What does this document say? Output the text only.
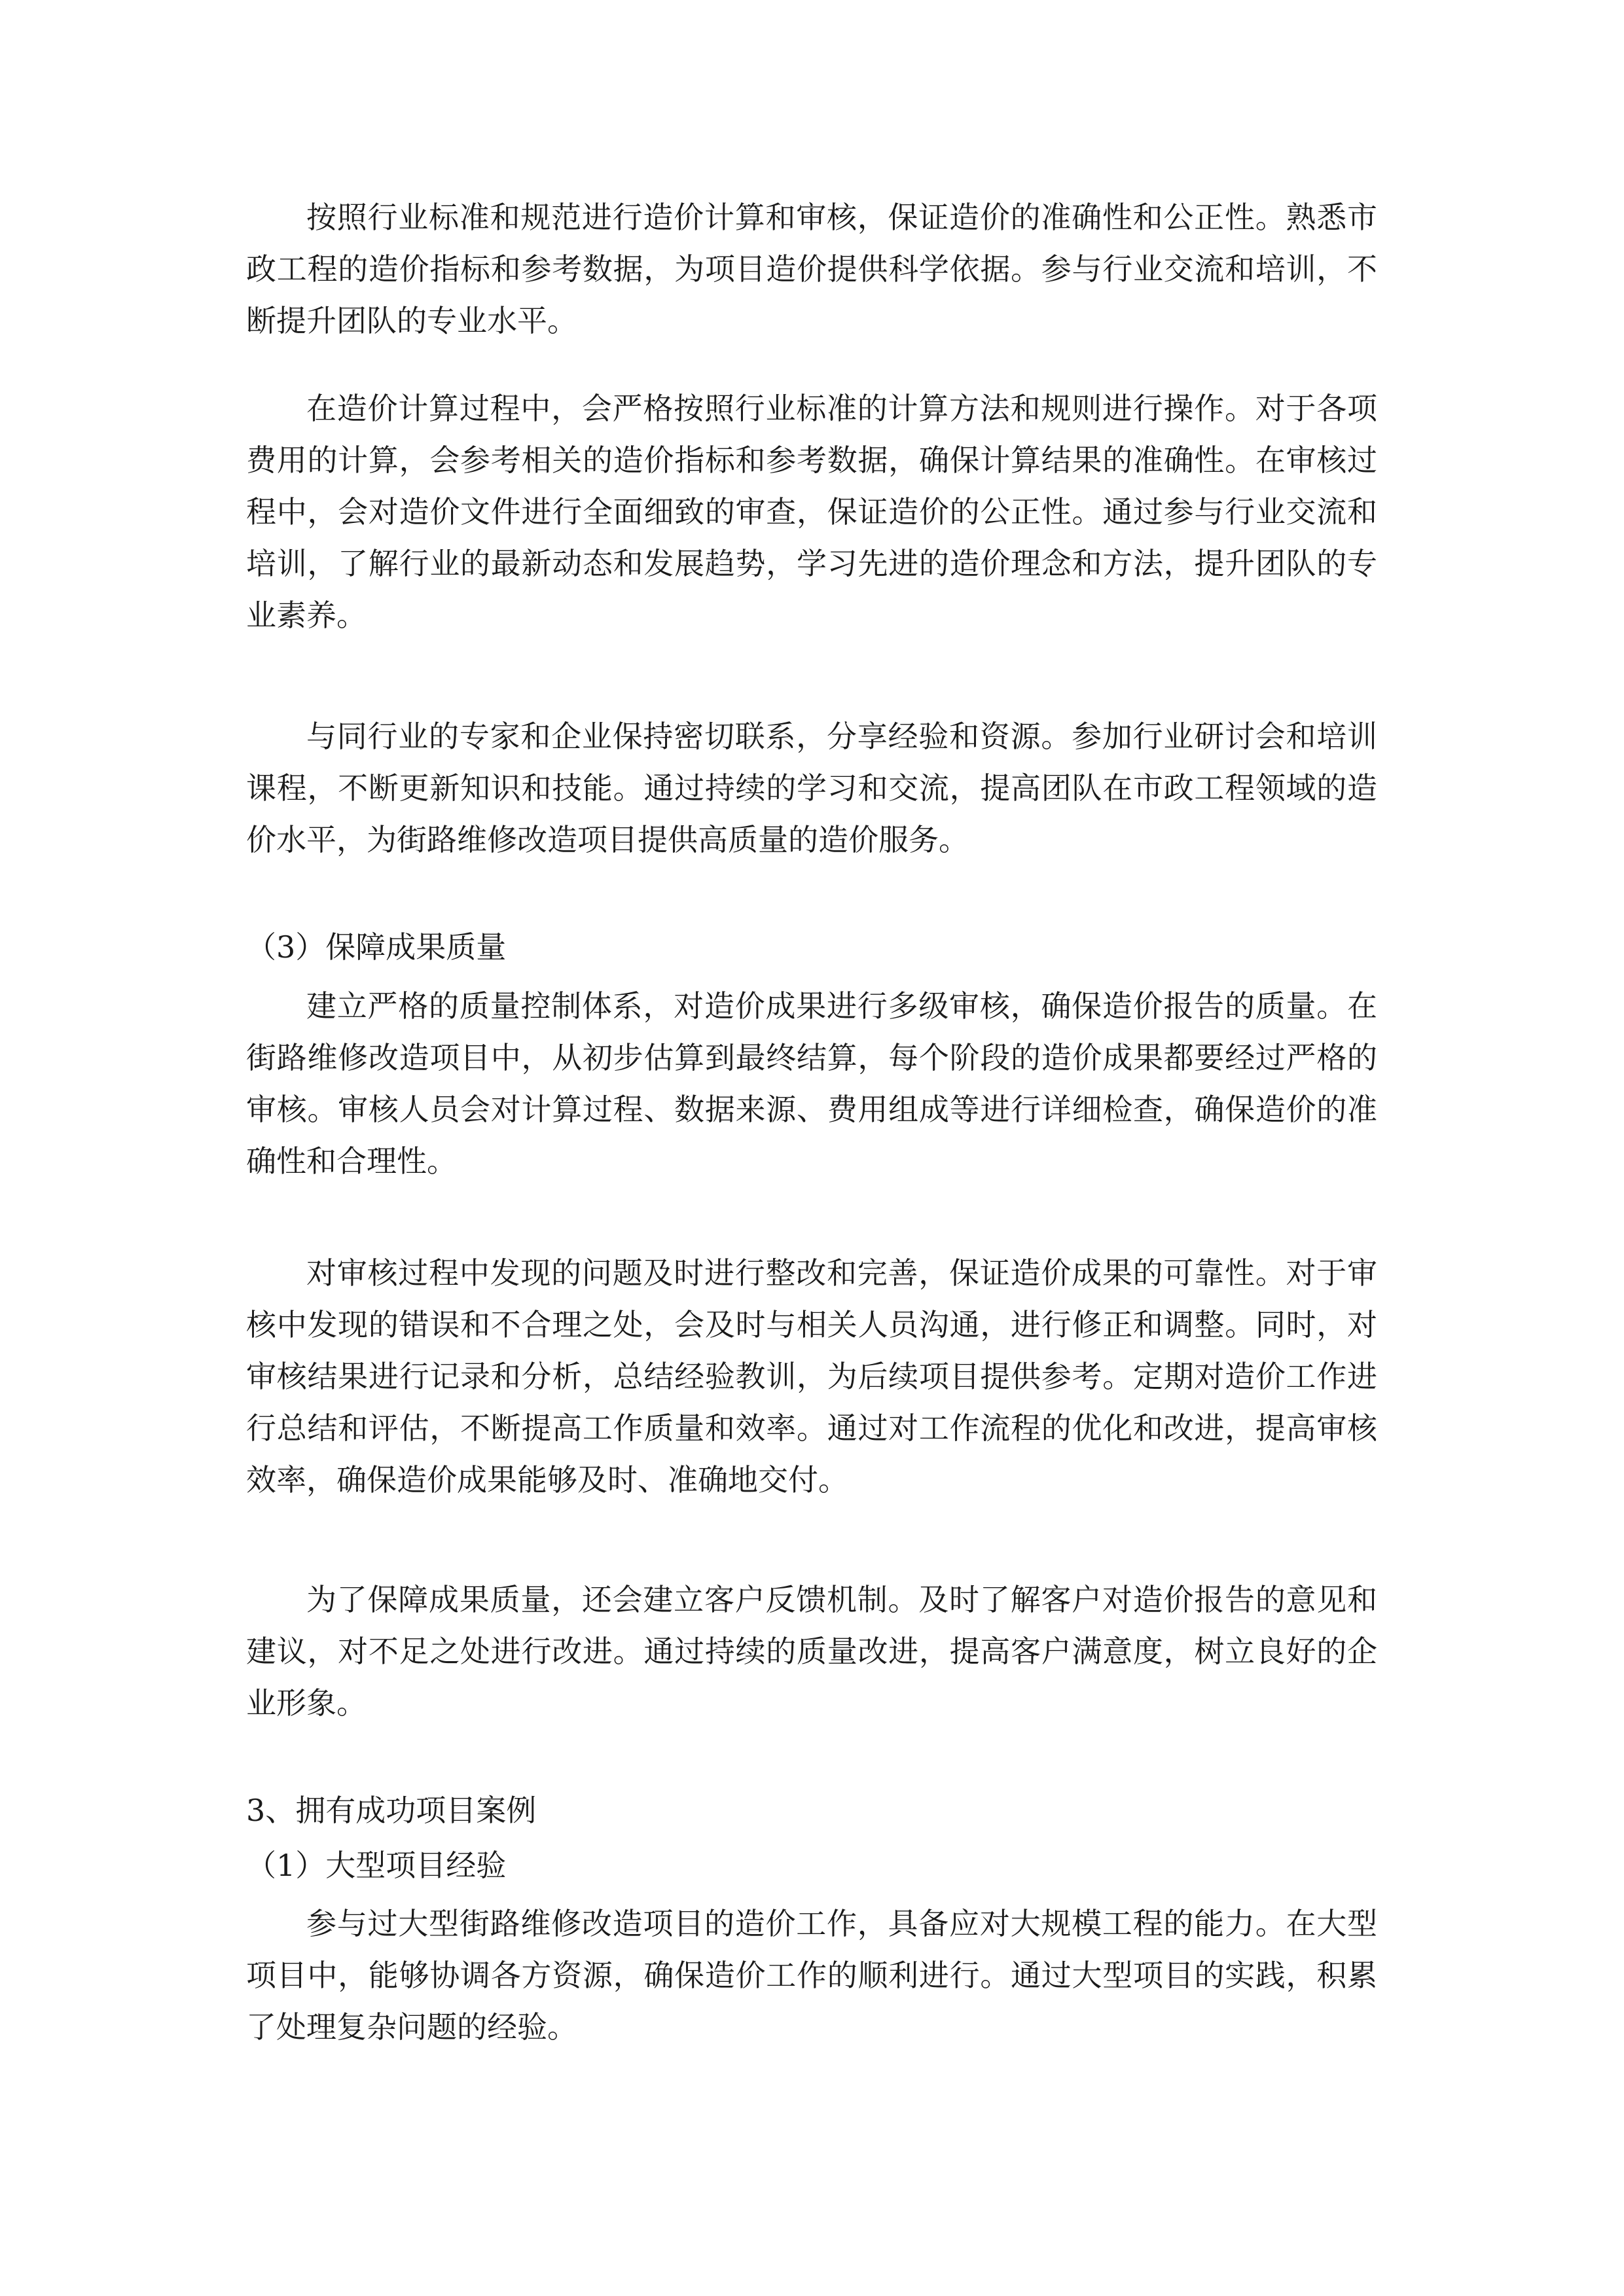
按照行业标准和规范进行造价计算和审核，保证造价的准确性和公正性。熟悉市政工程的造价指标和参考数据，为项目造价提供科学依据。参与行业交流和培训，不断提升团队的专业水平。

在造价计算过程中，会严格按照行业标准的计算方法和规则进行操作。对于各项费用的计算，会参考相关的造价指标和参考数据，确保计算结果的准确性。在审核过程中，会对造价文件进行全面细致的审查，保证造价的公正性。通过参与行业交流和培训，了解行业的最新动态和发展趋势，学习先进的造价理念和方法，提升团队的专业素养。

与同行业的专家和企业保持密切联系，分享经验和资源。参加行业研讨会和培训课程，不断更新知识和技能。通过持续的学习和交流，提高团队在市政工程领域的造价水平，为街路维修改造项目提供高质量的造价服务。

（3）保障成果质量

建立严格的质量控制体系，对造价成果进行多级审核，确保造价报告的质量。在街路维修改造项目中，从初步估算到最终结算，每个阶段的造价成果都要经过严格的审核。审核人员会对计算过程、数据来源、费用组成等进行详细检查，确保造价的准确性和合理性。

对审核过程中发现的问题及时进行整改和完善，保证造价成果的可靠性。对于审核中发现的错误和不合理之处，会及时与相关人员沟通，进行修正和调整。同时，对审核结果进行记录和分析，总结经验教训，为后续项目提供参考。定期对造价工作进行总结和评估，不断提高工作质量和效率。通过对工作流程的优化和改进，提高审核效率，确保造价成果能够及时、准确地交付。

为了保障成果质量，还会建立客户反馈机制。及时了解客户对造价报告的意见和建议，对不足之处进行改进。通过持续的质量改进，提高客户满意度，树立良好的企业形象。

3、拥有成功项目案例
（1）大型项目经验

参与过大型街路维修改造项目的造价工作，具备应对大规模工程的能力。在大型项目中，能够协调各方资源，确保造价工作的顺利进行。通过大型项目的实践，积累了处理复杂问题的经验。
